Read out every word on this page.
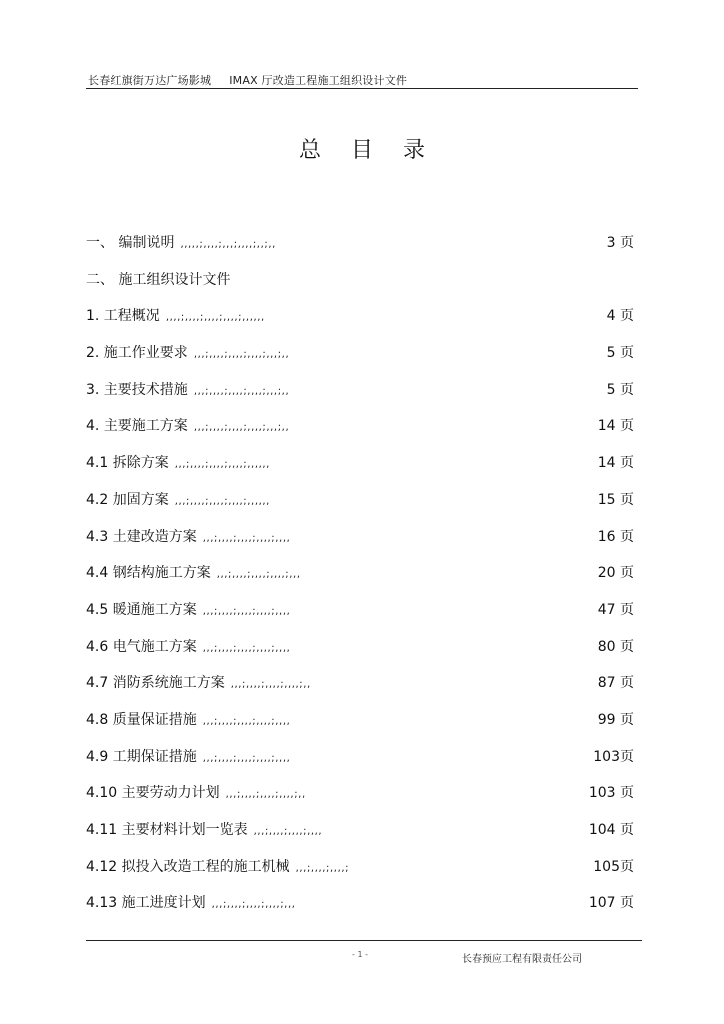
长春红旗街万达广场影城 IMAX 厅改造工程施工组织设计文件
总目录
一、 编制说明 ,,,,,;,,,,;,,,;,,,,;,,;,,	3 页
二、 施工组织设计文件
1. 工程概况 ,,,,;,,,,;,,,,;,,,,;,,,,,,	4 页
2. 施工作业要求 ,,,;,,,,;,,,,;,,,,;,,,;,,	5 页
3. 主要技术措施 ,,,;,,,,;,,,,;,,,,;,,,;,,	5 页
4. 主要施工方案 ,,,;,,,,;,,,,;,,,,;,,,;,,	14 页
4.1 拆除方案 ,,,;,,,,;,,,,;,,,,;,,,,,,	14 页
4.2 加固方案 ,,,;,,,,;,,,,;,,,,;,,,,,,	15 页
4.3 土建改造方案 ,,,;,,,,;,,,,;,,,,;,,,,	16 页
4.4 钢结构施工方案 ,,,;,,,,;,,,,;,,,,;,,,	20 页
4.5 暖通施工方案 ,,,;,,,,;,,,,;,,,,;,,,,	47 页
4.6 电气施工方案 ,,,;,,,,;,,,,;,,,,;,,,,	80 页
4.7 消防系统施工方案 ,,,;,,,,;,,,,;,,,,;,,	87 页
4.8 质量保证措施 ,,,;,,,,;,,,,;,,,,;,,,,	99 页
4.9 工期保证措施 ,,,;,,,,;,,,,;,,,,;,,,,	103页
4.10 主要劳动力计划 ,,,;,,,,;,,,,;,,,,;,,	103 页
4.11 主要材料计划一览表 ,,,;,,,,;,,,,;,,,,	104 页
4.12 拟投入改造工程的施工机械 ,,,;,,,,;,,,,;	105页
4.13 施工进度计划 ,,,;,,,,;,,,,;,,,,;,,,	107 页
- 1 -	长春预应工程有限责任公司
